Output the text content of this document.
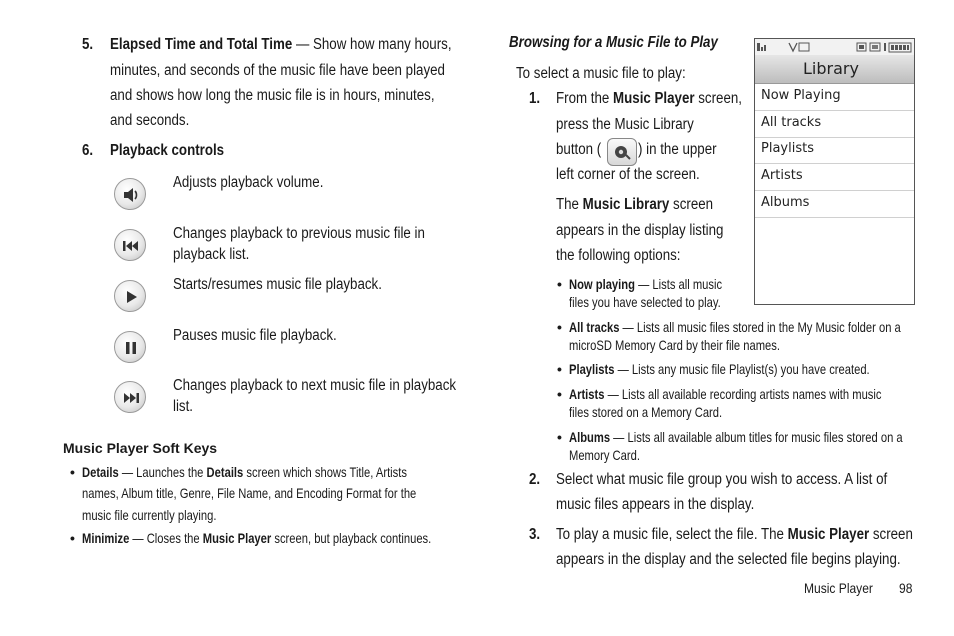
5. Elapsed Time and Total Time — Show how many hours,
minutes, and seconds of the music file have been played
and shows how long the music file is in hours, minutes,
and seconds.
6. Playback controls
Adjusts playback volume.
Changes playback to previous music file in
playback list.
Starts/resumes music file playback.
Pauses music file playback.
Changes playback to next music file in playback
list.
Music Player Soft Keys
• Details — Launches the Details screen which shows Title, Artists
names, Album title, Genre, File Name, and Encoding Format for the
music file currently playing.
• Minimize — Closes the Music Player screen, but playback continues.
Browsing for a Music File to Play
To select a music file to play:
1. From the Music Player screen,
press the Music Library
button (	) in the upper
left corner of the screen.
The Music Library screen
appears in the display listing
the following options:
• Now playing — Lists all music
files you have selected to play.
• All tracks — Lists all music files stored in the My Music folder on a
microSD Memory Card by their file names.
• Playlists — Lists any music file Playlist(s) you have created.
• Artists — Lists all available recording artists names with music
files stored on a Memory Card.
• Albums — Lists all available album titles for music files stored on a
Memory Card.
2. Select what music file group you wish to access. A list of
music files appears in the display.
3. To play a music file, select the file. The Music Player screen
appears in the display and the selected file begins playing.
Library
Now Playing
All tracks
Playlists
Artists
Albums
Music Player	98
